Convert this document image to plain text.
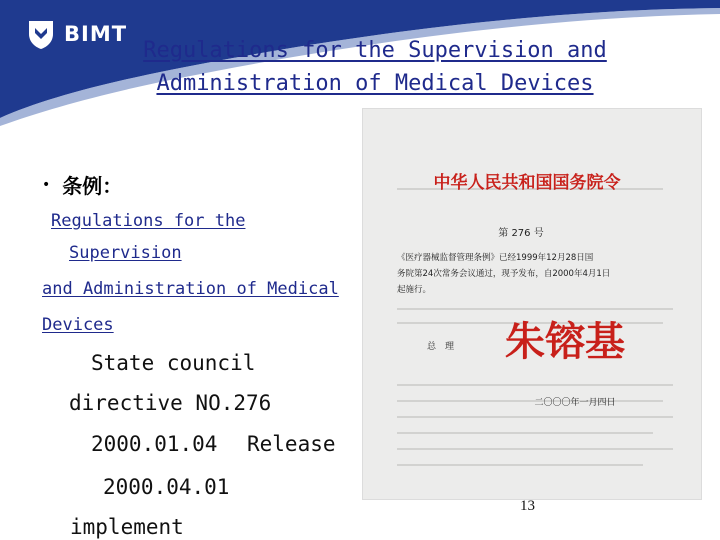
BIMT
Regulations for the Supervision and
Administration of Medical Devices
• 条例：
Regulations for the
Supervision
and Administration of Medical
Devices
State council
directive NO.276
2000.01.04 Release
2000.04.01
implement
中华人民共和国国务院令
第 276 号
《医疗器械监督管理条例》已经1999年12月28日国
务院第24次常务会议通过，现予发布，自2000年4月1日
起施行。
总　理 朱镕基
二〇〇〇年一月四日
13
